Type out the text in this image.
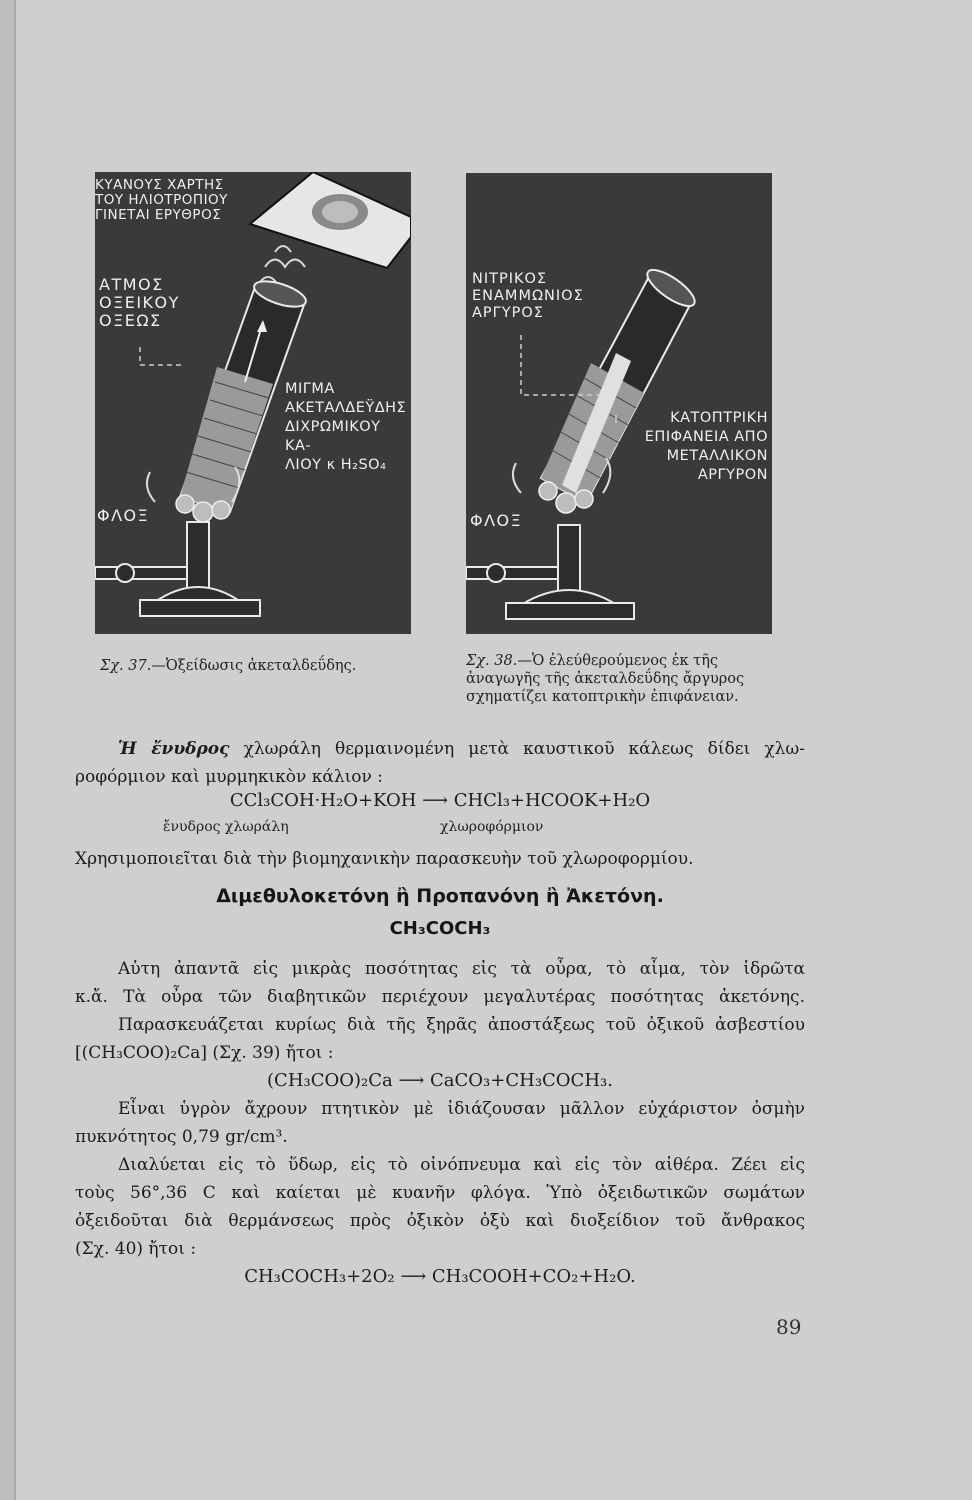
ΚΥΑΝΟΥΣ ΧΑΡΤΗΣ
ΤΟΥ ΗΛΙΟΤΡΟΠΙΟΥ
ΓΙΝΕΤΑΙ ΕΡΥΘΡΟΣ
ΑΤΜΟΣ
ΟΞΕΙΚΟΥ
ΟΞΕΩΣ
ΜΙΓΜΑ
ΑΚΕΤΑΛΔΕΫΔΗΣ
ΔΙΧΡΩΜΙΚΟΥ ΚΑ-
ΛΙΟΥ κ Η₂SO₄
ΦΛΟΞ
ΝΙΤΡΙΚΟΣ
ΕΝΑΜΜΩΝΙΟΣ
ΑΡΓΥΡΟΣ
ΚΑΤΟΠΤΡΙΚΗ
ΕΠΙΦΑΝΕΙΑ ΑΠΟ
ΜΕΤΑΛΛΙΚΟΝ
ΑΡΓΥΡΟΝ
ΦΛΟΞ
Σχ. 37.—Ὀξείδωσις ἀκεταλδεΰδης.	Σχ. 38.—Ὁ ἐλεύθερούμενος ἐκ τῆς
ἀναγωγῆς τῆς ἀκεταλδεΰδης ἄργυρος
σχηματίζει κατοπτρικὴν ἐπιφάνειαν.
Ἡ ἔνυδρος χλωράλη θερμαινομένη μετὰ καυστικοῦ κάλεως δίδει χλω-
ροφόρμιον καὶ μυρμηκικὸν κάλιον :
CCl₃COH·H₂O+KOH ⟶ CHCl₃+HCOOK+H₂O
ἔνυδρος χλωράλη	χλωροφόρμιον
Χρησιμοποιεῖται διὰ τὴν βιομηχανικὴν παρασκευὴν τοῦ χλωροφορμίου.
Διμεθυλοκετόνη ἢ Προπανόνη ἢ Ἀκετόνη.
CH₃COCH₃
Αὐτη ἀπαντᾶ εἰς μικρὰς ποσότητας εἰς τὰ οὖρα, τὸ αἷμα, τὸν ἱδρῶτα
κ.ἄ. Τὰ οὖρα τῶν διαβητικῶν περιέχουν μεγαλυτέρας ποσότητας ἀκετόνης.
Παρασκευάζεται κυρίως διὰ τῆς ξηρᾶς ἀποστάξεως τοῦ ὀξικοῦ ἀσβεστίου
[(CH₃COO)₂Ca] (Σχ. 39) ἤτοι :
(CH₃COO)₂Ca ⟶ CaCO₃+CH₃COCH₃.
Εἶναι ὑγρὸν ἄχρουν πτητικὸν μὲ ἰδιάζουσαν μᾶλλον εὐχάριστον ὀσμὴν
πυκνότητος 0,79 gr/cm³.
Διαλύεται εἰς τὸ ὕδωρ, εἰς τὸ οἰνόπνευμα καὶ εἰς τὸν αἰθέρα. Ζέει εἰς
τοὺς 56°,36 C καὶ καίεται μὲ κυανῆν φλόγα. Ὑπὸ ὀξειδωτικῶν σωμάτων
ὀξειδοῦται διὰ θερμάνσεως πρὸς ὀξικὸν ὀξὺ καὶ διοξείδιον τοῦ ἄνθρακος
(Σχ. 40) ἤτοι :
CH₃COCH₃+2O₂ ⟶ CH₃COOH+CO₂+H₂O.
89
